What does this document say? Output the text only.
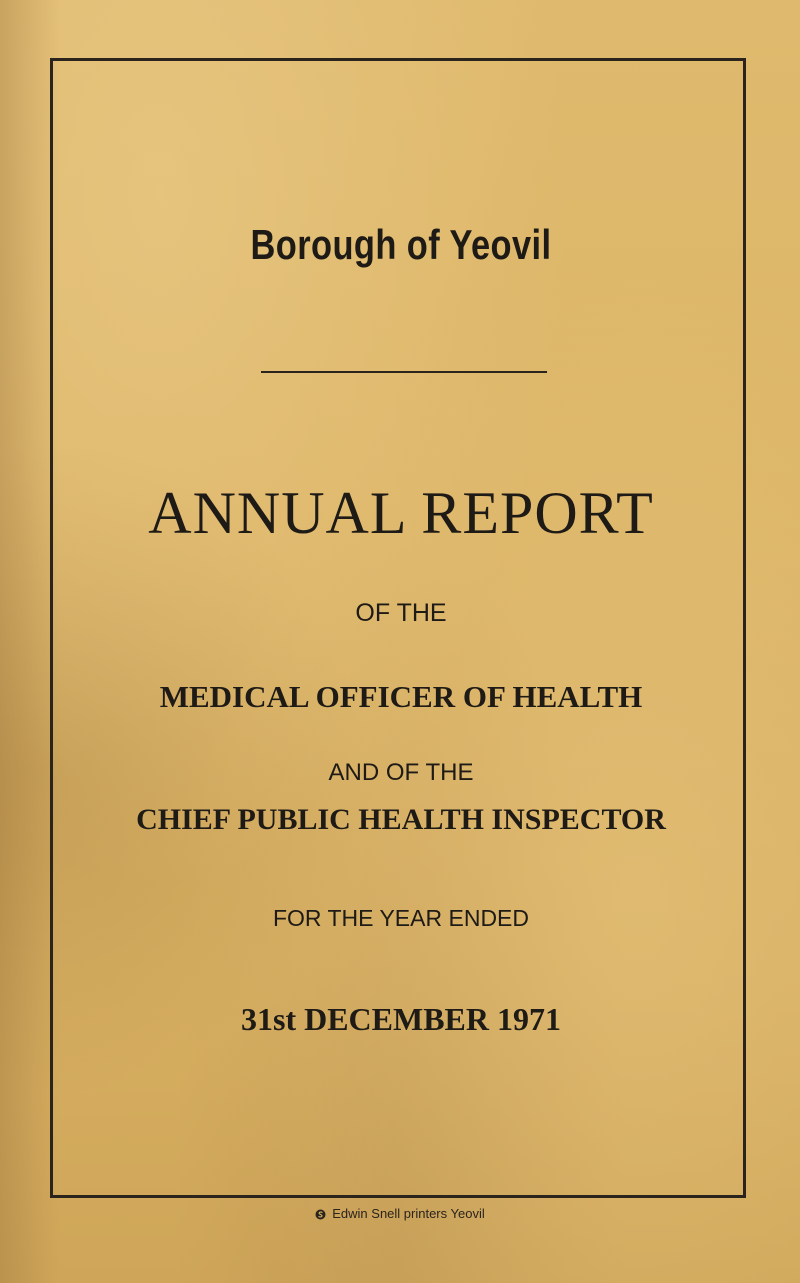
Borough of Yeovil
ANNUAL REPORT

OF THE

MEDICAL OFFICER OF HEALTH

AND OF THE

CHIEF PUBLIC HEALTH INSPECTOR

FOR THE YEAR ENDED

31st DECEMBER 1971

Edwin Snell printers Yeovil
